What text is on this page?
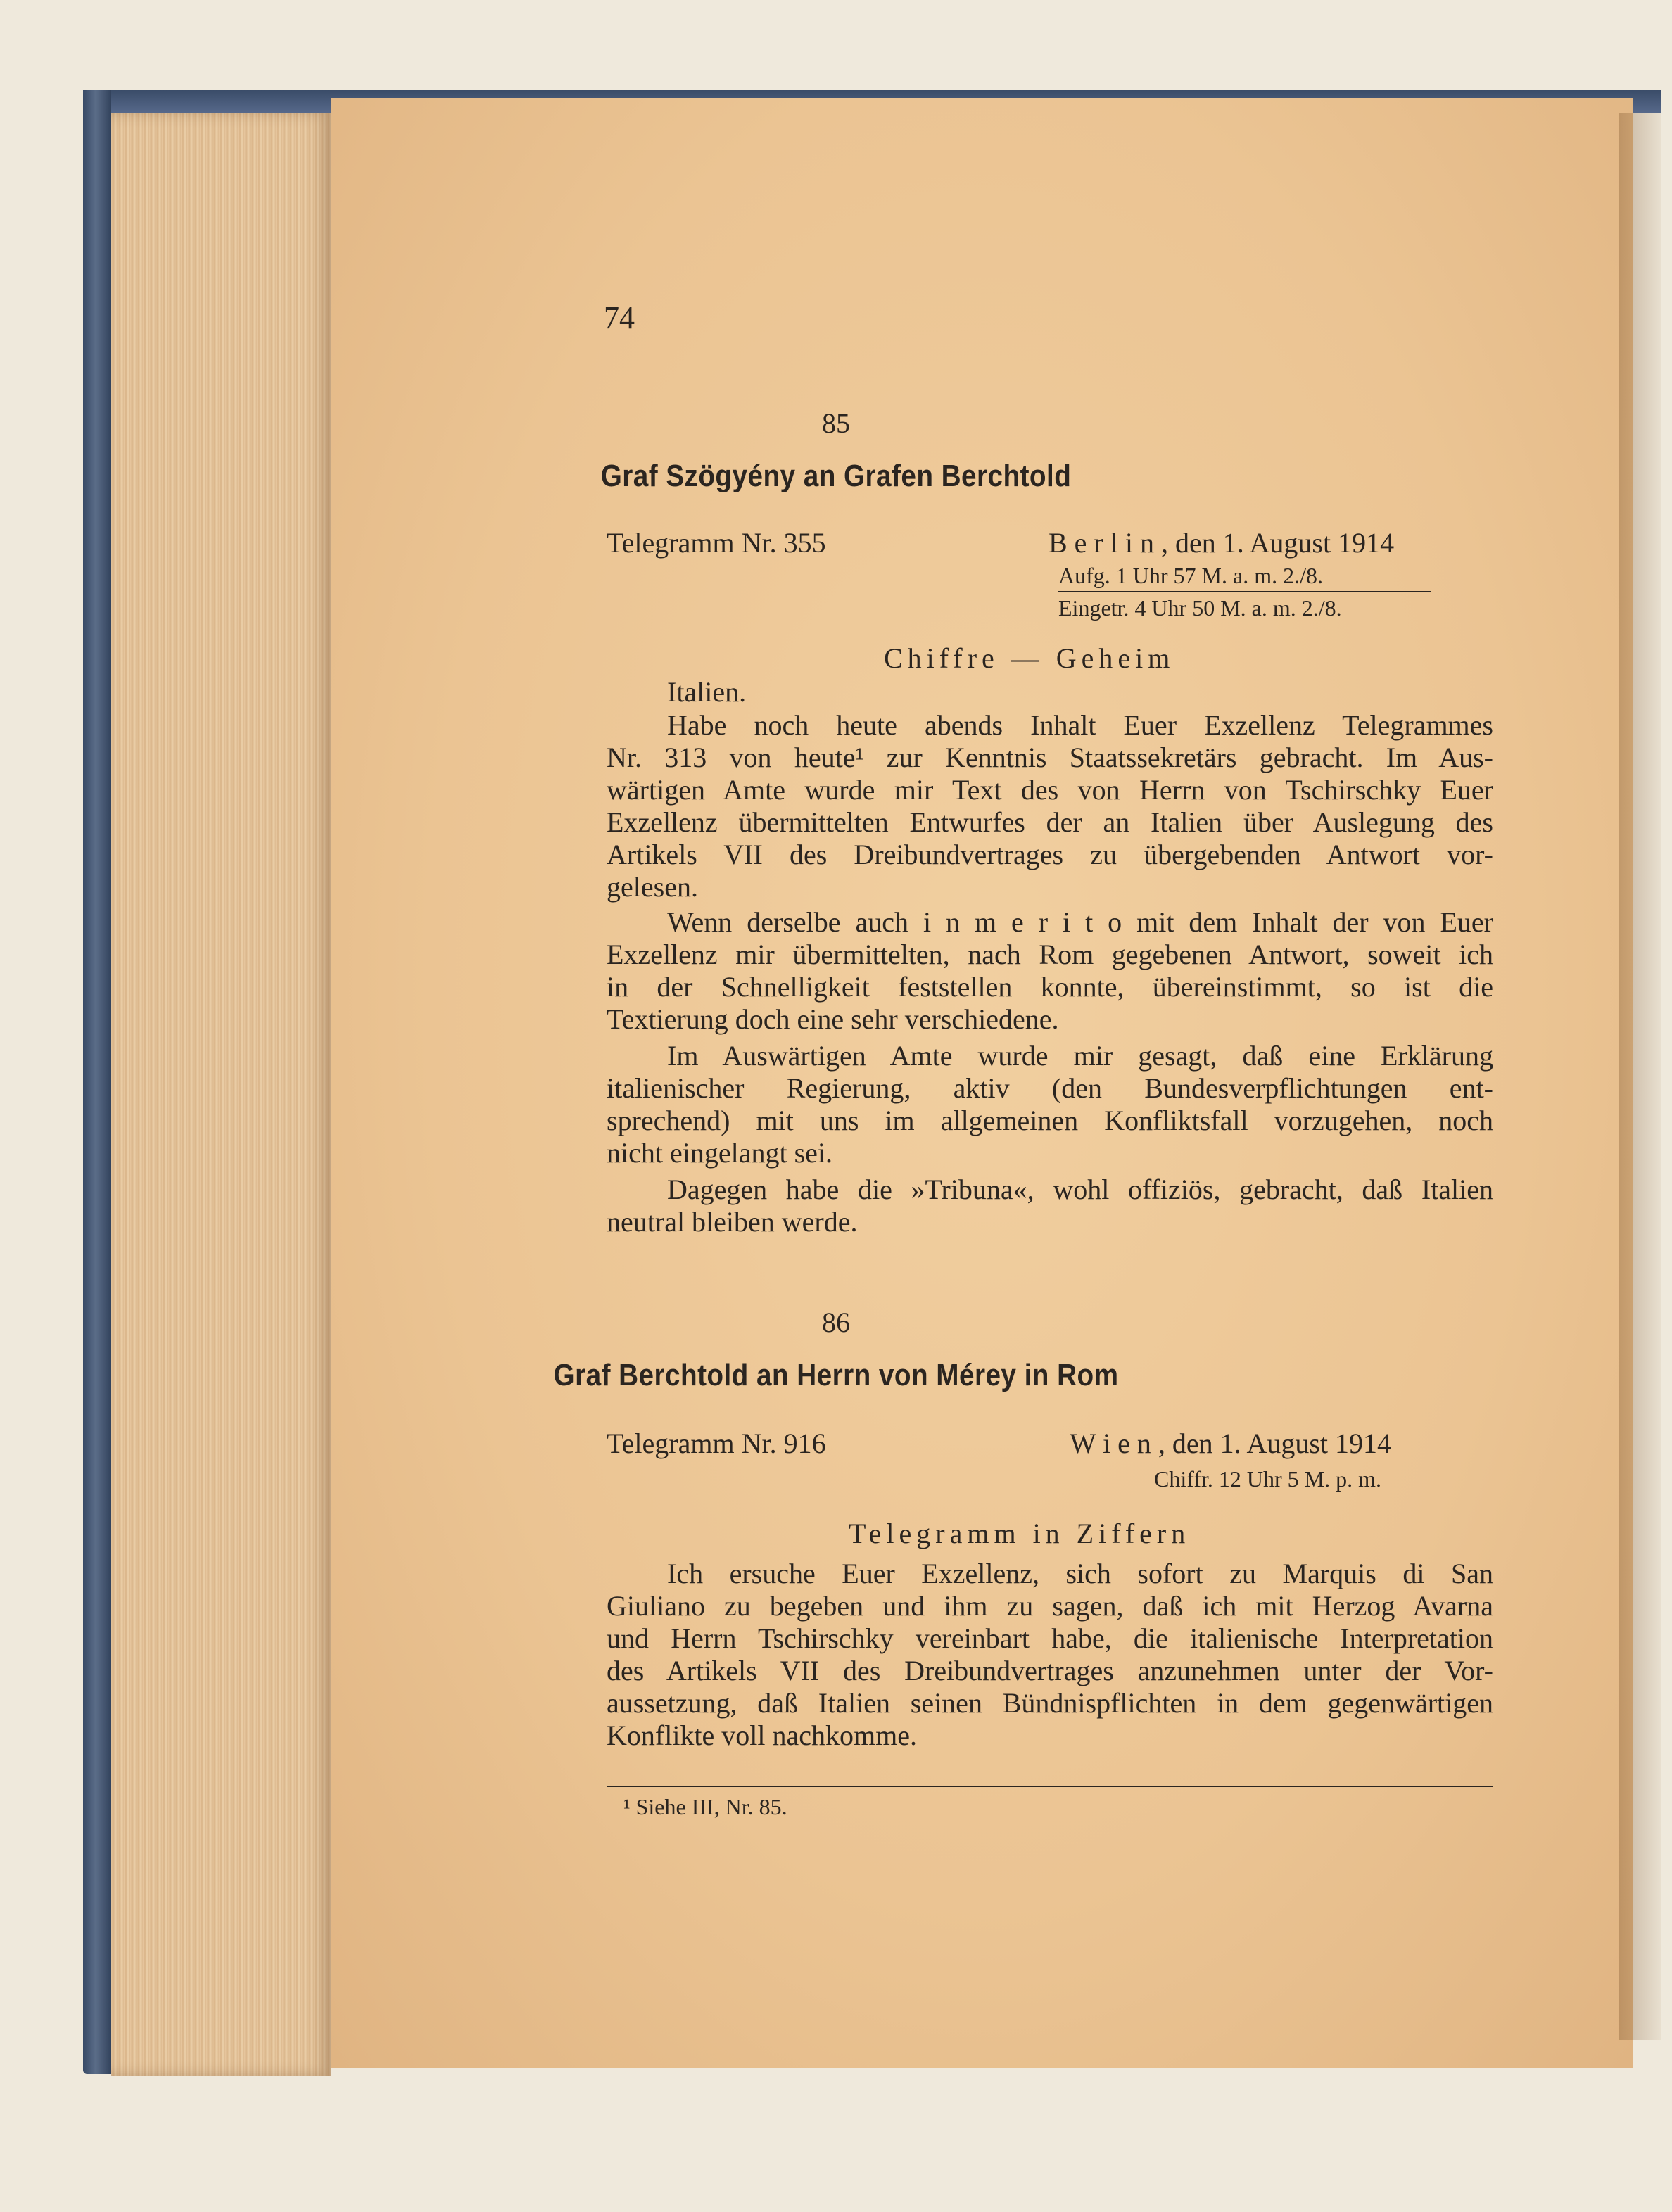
74
85
Graf Szögyény an Grafen Berchtold
Telegramm Nr. 355	B e r l i n , den 1. August 1914
Aufg. 1 Uhr 57 M. a. m. 2./8.
Eingetr. 4 Uhr 50 M. a. m. 2./8.
Chiffre — Geheim
Italien.
Habe noch heute abends Inhalt Euer Exzellenz Telegrammes
Nr. 313 von heute¹ zur Kenntnis Staatssekretärs gebracht. Im Aus-
wärtigen Amte wurde mir Text des von Herrn von Tschirschky Euer
Exzellenz übermittelten Entwurfes der an Italien über Auslegung des
Artikels VII des Dreibundvertrages zu übergebenden Antwort vor-
gelesen.
Wenn derselbe auch i n m e r i t o mit dem Inhalt der von Euer
Exzellenz mir übermittelten, nach Rom gegebenen Antwort, soweit ich
in der Schnelligkeit feststellen konnte, übereinstimmt, so ist die
Textierung doch eine sehr verschiedene.
Im Auswärtigen Amte wurde mir gesagt, daß eine Erklärung
italienischer Regierung, aktiv (den Bundesverpflichtungen ent-
sprechend) mit uns im allgemeinen Konfliktsfall vorzugehen, noch
nicht eingelangt sei.
Dagegen habe die »Tribuna«, wohl offiziös, gebracht, daß Italien
neutral bleiben werde.
86
Graf Berchtold an Herrn von Mérey in Rom
Telegramm Nr. 916	W i e n , den 1. August 1914
Chiffr. 12 Uhr 5 M. p. m.
Telegramm in Ziffern
Ich ersuche Euer Exzellenz, sich sofort zu Marquis di San
Giuliano zu begeben und ihm zu sagen, daß ich mit Herzog Avarna
und Herrn Tschirschky vereinbart habe, die italienische Interpretation
des Artikels VII des Dreibundvertrages anzunehmen unter der Vor-
aussetzung, daß Italien seinen Bündnispflichten in dem gegenwärtigen
Konflikte voll nachkomme.
¹ Siehe III, Nr. 85.
